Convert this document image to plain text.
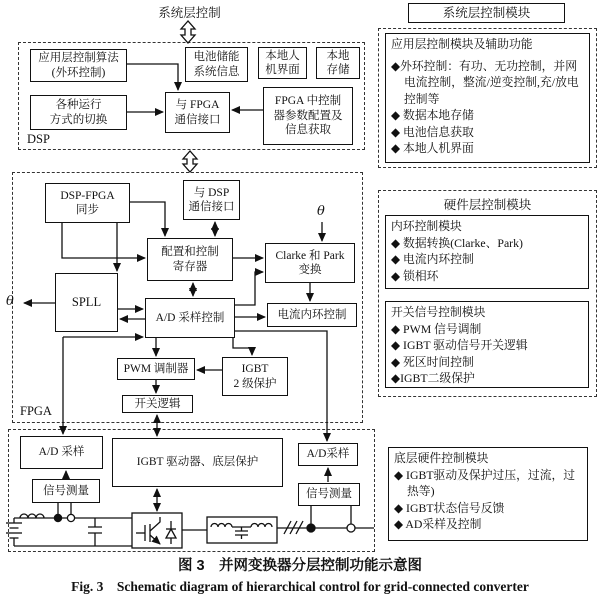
系统层控制
DSP
应用层控制算法
(外环控制)
各种运行
方式的切换
电池储能
系统信息
本地人
机界面
本地
存储
与 FPGA
通信接口
FPGA 中控制
器参数配置及
信息获取
FPGA
DSP-FPGA
同步
与 DSP
通信接口
配置和控制
寄存器
Clarke 和 Park
变换
SPLL
A/D 采样控制	电流内环控制
PWM 调制器	IGBT
2 级保护
开关逻辑
θ
θ
A/D 采样
信号测量
IGBT 驱动器、底层保护
A/D采样
信号测量
系统层控制模块
应用层控制模块及辅助功能
◆外环控制：有功、无功控制，并网电流控制，整流/逆变控制,充/放电控制等
◆ 数据本地存储
◆ 电池信息获取
◆ 本地人机界面
硬件层控制模块
内环控制模块
◆ 数据转换(Clarke、Park)
◆ 电流内环控制
◆ 锁相环
开关信号控制模块
◆ PWM 信号调制
◆ IGBT 驱动信号开关逻辑
◆ 死区时间控制
◆IGBT二级保护
底层硬件控制模块
◆ IGBT驱动及保护过压，过流，过热等)
◆ IGBT状态信号反馈
◆ AD采样及控制
图 3　并网变换器分层控制功能示意图
Fig. 3　Schematic diagram of hierarchical control for grid-connected converter
